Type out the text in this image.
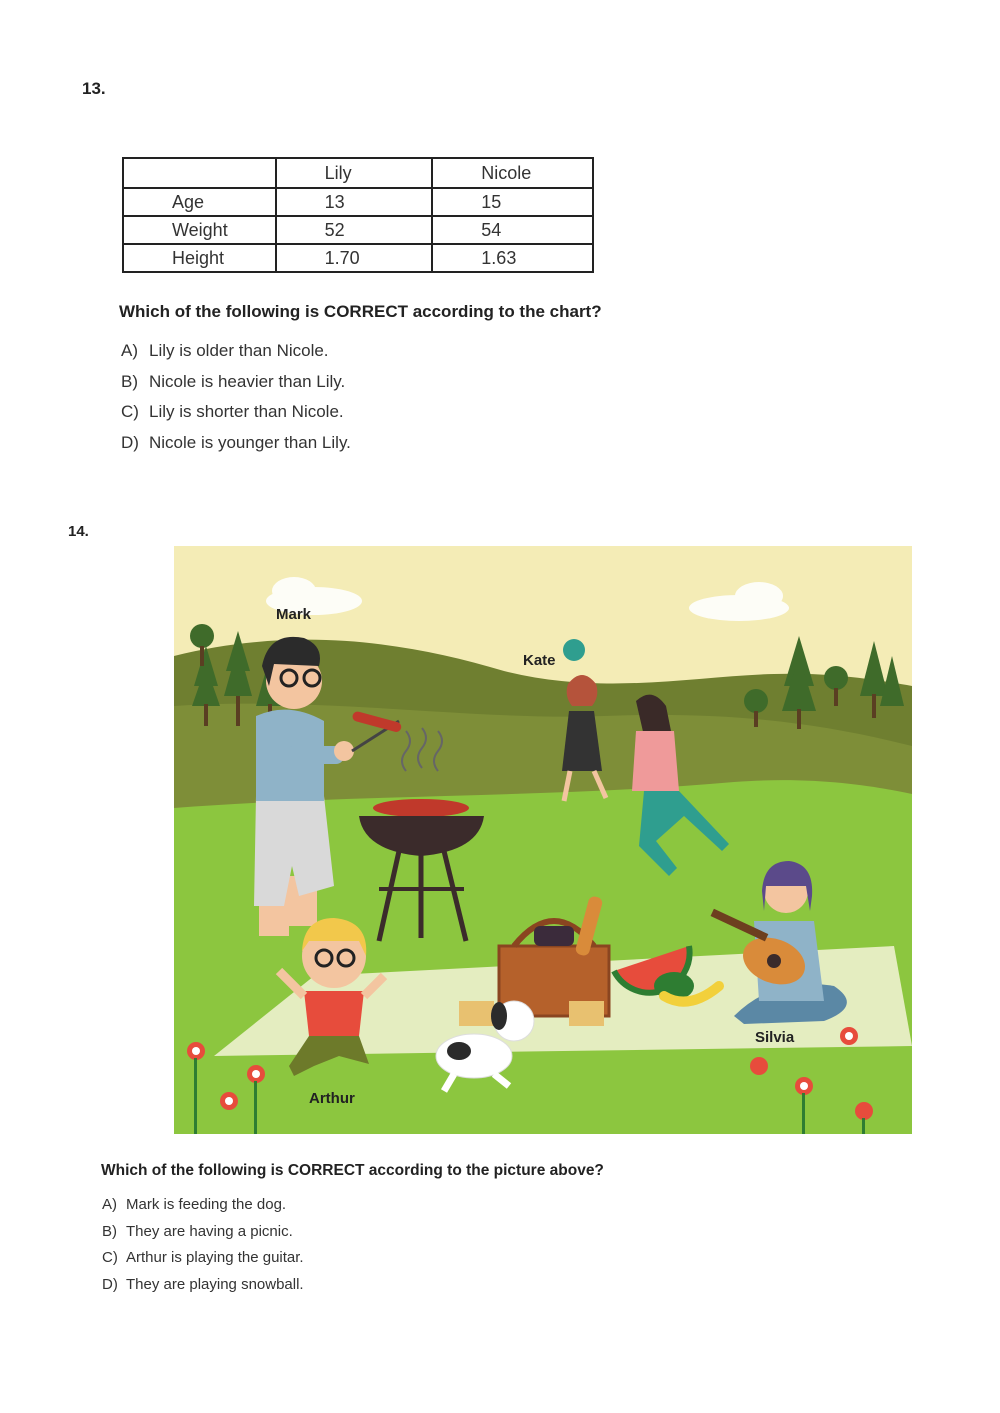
13.
	Lily	Nicole
Age	13	15
Weight	52	54
Height	1.70	1.63
Which of the following is CORRECT according to the chart?
A) Lily is older than Nicole.
B) Nicole is heavier than Lily.
C) Lily is shorter than Nicole.
D) Nicole is younger than Lily.
14.
Mark
Kate
Silvia
Arthur
Which of the following is CORRECT according to the picture above?
A) Mark is feeding the dog.
B) They are having a picnic.
C) Arthur is playing the guitar.
D) They are playing snowball.
